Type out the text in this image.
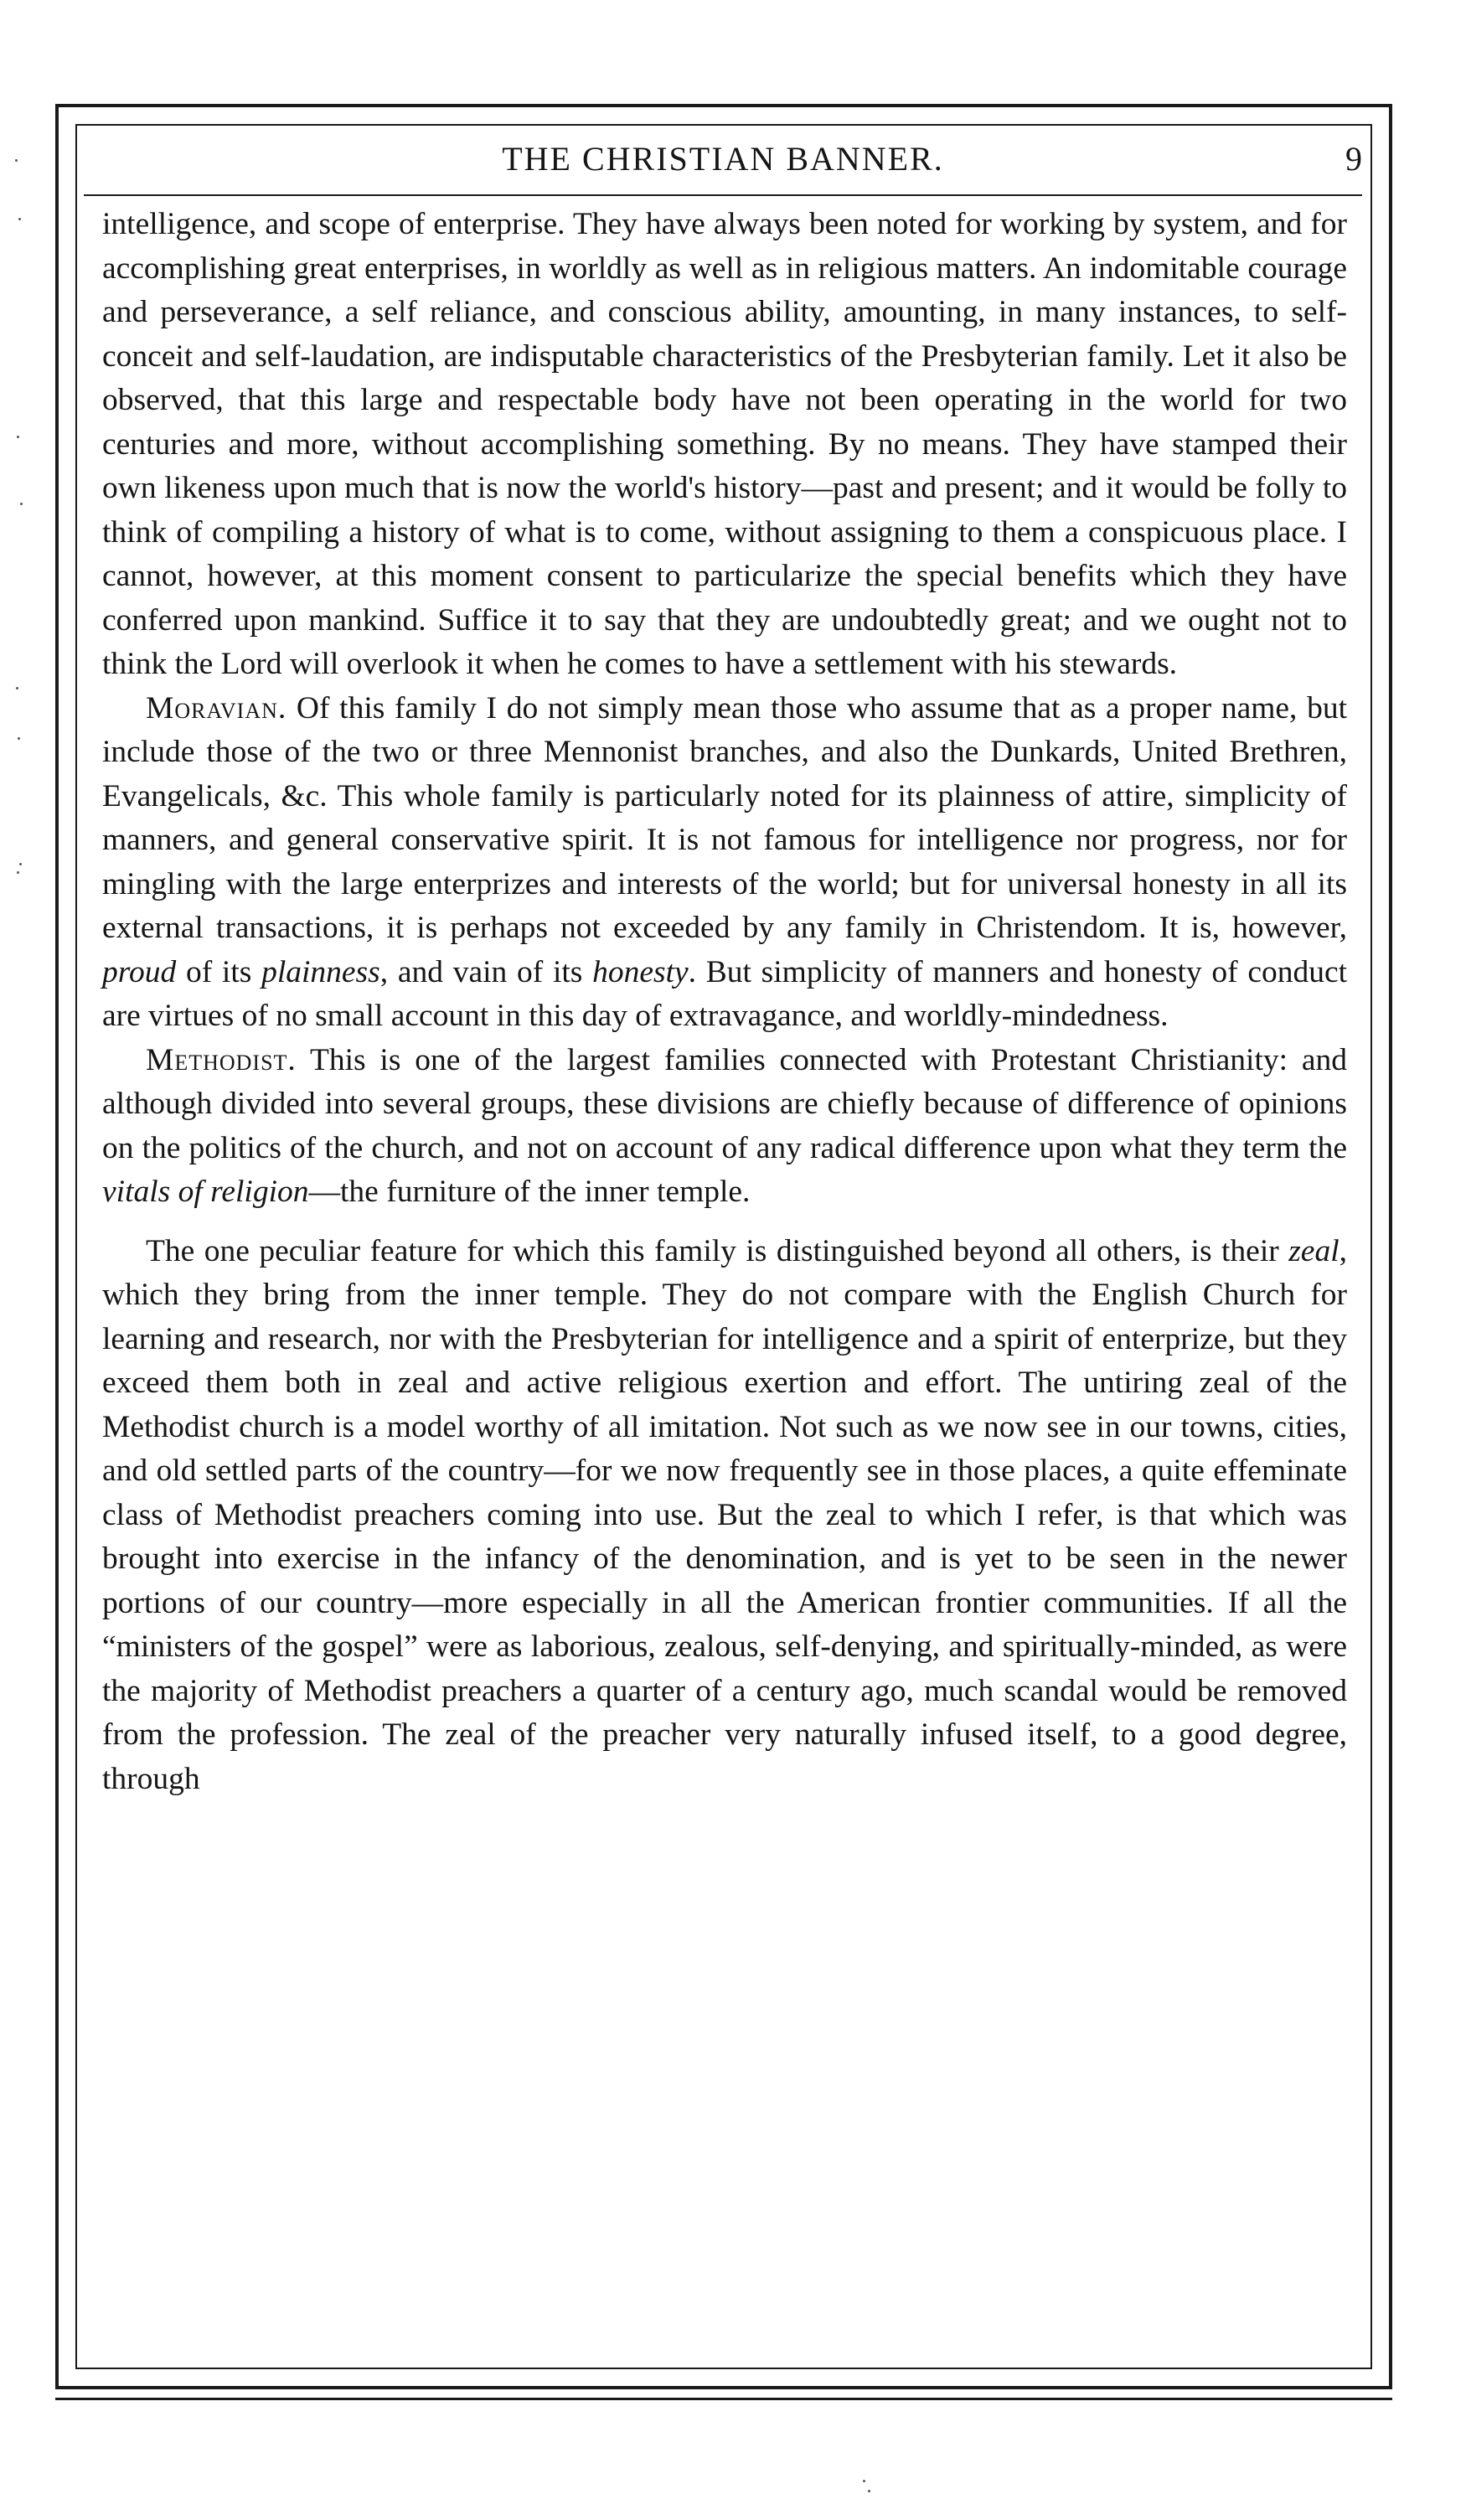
THE CHRISTIAN BANNER.	9

intelligence, and scope of enterprise. They have always been noted for working by system, and for accomplishing great enterprises, in worldly as well as in religious matters. An indomitable courage and perseverance, a self reliance, and conscious ability, amounting, in many instances, to self-conceit and self-laudation, are indisputable characteristics of the Presbyterian family. Let it also be observed, that this large and respectable body have not been operating in the world for two centuries and more, without accomplishing something. By no means. They have stamped their own likeness upon much that is now the world's history—past and present; and it would be folly to think of compiling a history of what is to come, without assigning to them a conspicuous place. I cannot, however, at this moment consent to particularize the special benefits which they have conferred upon mankind. Suffice it to say that they are undoubtedly great; and we ought not to think the Lord will overlook it when he comes to have a settlement with his stewards.

Moravian. Of this family I do not simply mean those who assume that as a proper name, but include those of the two or three Mennonist branches, and also the Dunkards, United Brethren, Evangelicals, &c. This whole family is particularly noted for its plainness of attire, simplicity of manners, and general conservative spirit. It is not famous for intelligence nor progress, nor for mingling with the large enterprizes and interests of the world; but for universal honesty in all its external transactions, it is perhaps not exceeded by any family in Christendom. It is, however, proud of its plainness, and vain of its honesty. But simplicity of manners and honesty of conduct are virtues of no small account in this day of extravagance, and worldly-mindedness.

Methodist. This is one of the largest families connected with Protestant Christianity: and although divided into several groups, these divisions are chiefly because of difference of opinions on the politics of the church, and not on account of any radical difference upon what they term the vitals of religion—the furniture of the inner temple.

The one peculiar feature for which this family is distinguished beyond all others, is their zeal, which they bring from the inner temple. They do not compare with the English Church for learning and research, nor with the Presbyterian for intelligence and a spirit of enterprize, but they exceed them both in zeal and active religious exertion and effort. The untiring zeal of the Methodist church is a model worthy of all imitation. Not such as we now see in our towns, cities, and old settled parts of the country—for we now frequently see in those places, a quite effeminate class of Methodist preachers coming into use. But the zeal to which I refer, is that which was brought into exercise in the infancy of the denomination, and is yet to be seen in the newer portions of our country—more especially in all the American frontier communities. If all the “ministers of the gospel” were as laborious, zealous, self-denying, and spiritually-minded, as were the majority of Methodist preachers a quarter of a century ago, much scandal would be removed from the profession. The zeal of the preacher very naturally infused itself, to a good degree, through
